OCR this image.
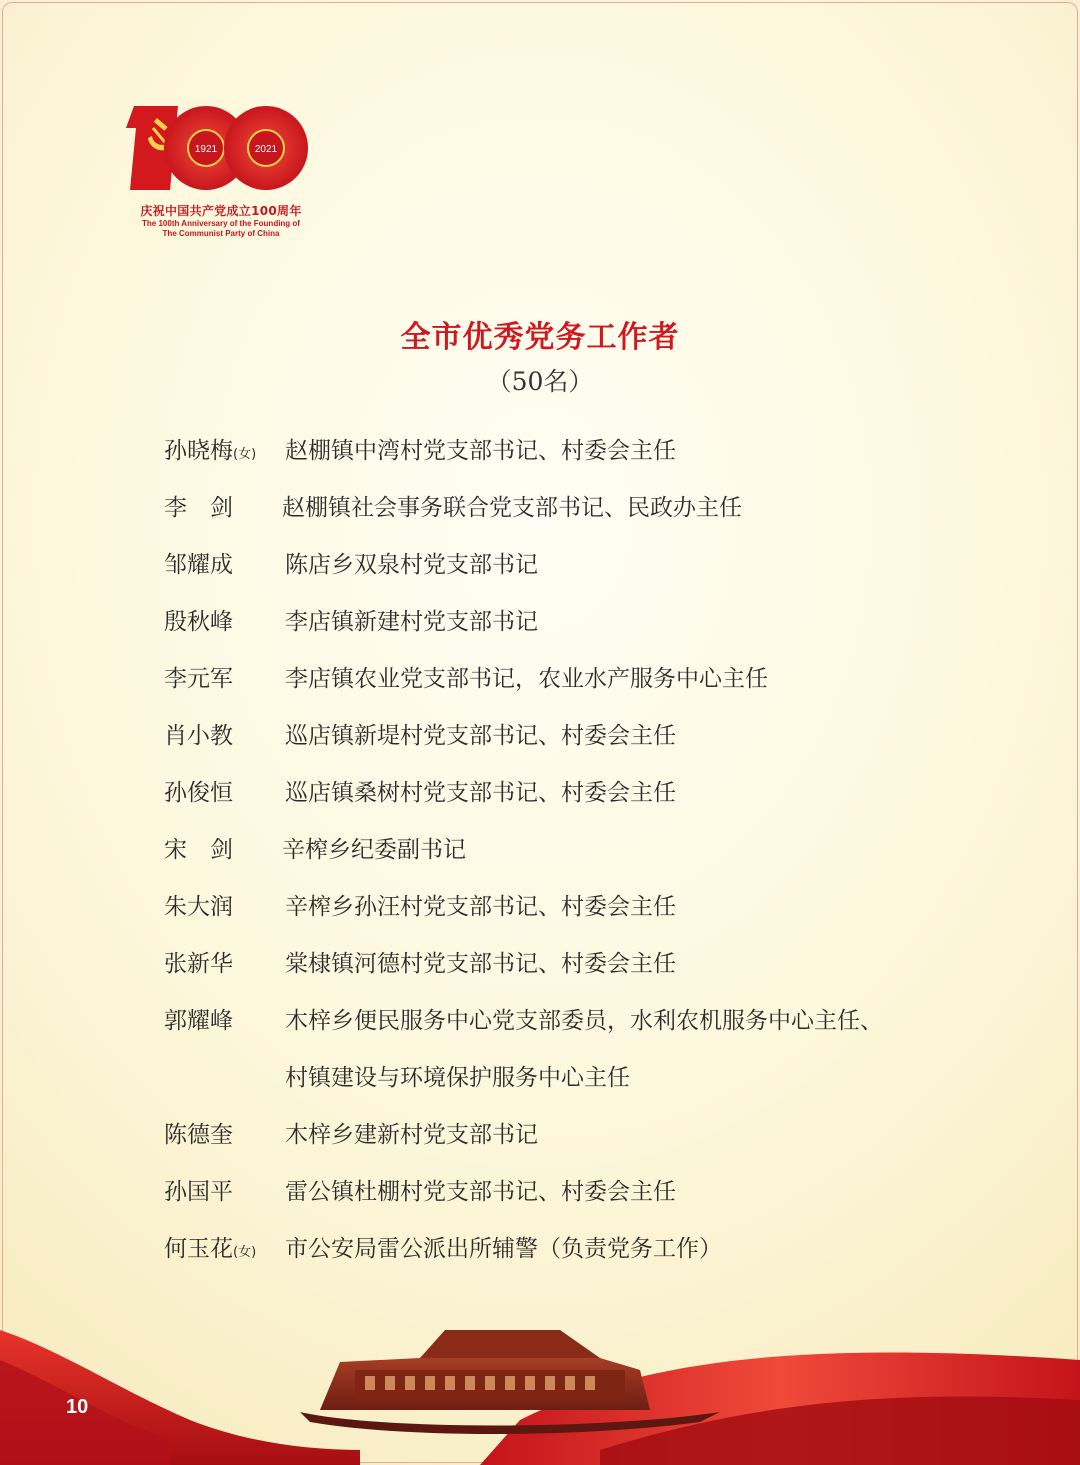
1921	2021
庆祝中国共产党成立100周年
The 100th Anniversary of the Founding of
The Communist Party of China
全市优秀党务工作者
（50名）
孙晓梅(女) 赵棚镇中湾村党支部书记、村委会主任
李　剑 赵棚镇社会事务联合党支部书记、民政办主任
邹耀成 陈店乡双泉村党支部书记
殷秋峰 李店镇新建村党支部书记
李元军 李店镇农业党支部书记，农业水产服务中心主任
肖小教 巡店镇新堤村党支部书记、村委会主任
孙俊恒 巡店镇桑树村党支部书记、村委会主任
宋　剑 辛榨乡纪委副书记
朱大润 辛榨乡孙汪村党支部书记、村委会主任
张新华 棠棣镇河德村党支部书记、村委会主任
郭耀峰 木梓乡便民服务中心党支部委员，水利农机服务中心主任、
村镇建设与环境保护服务中心主任
陈德奎 木梓乡建新村党支部书记
孙国平 雷公镇杜棚村党支部书记、村委会主任
何玉花(女) 市公安局雷公派出所辅警（负责党务工作）
10
